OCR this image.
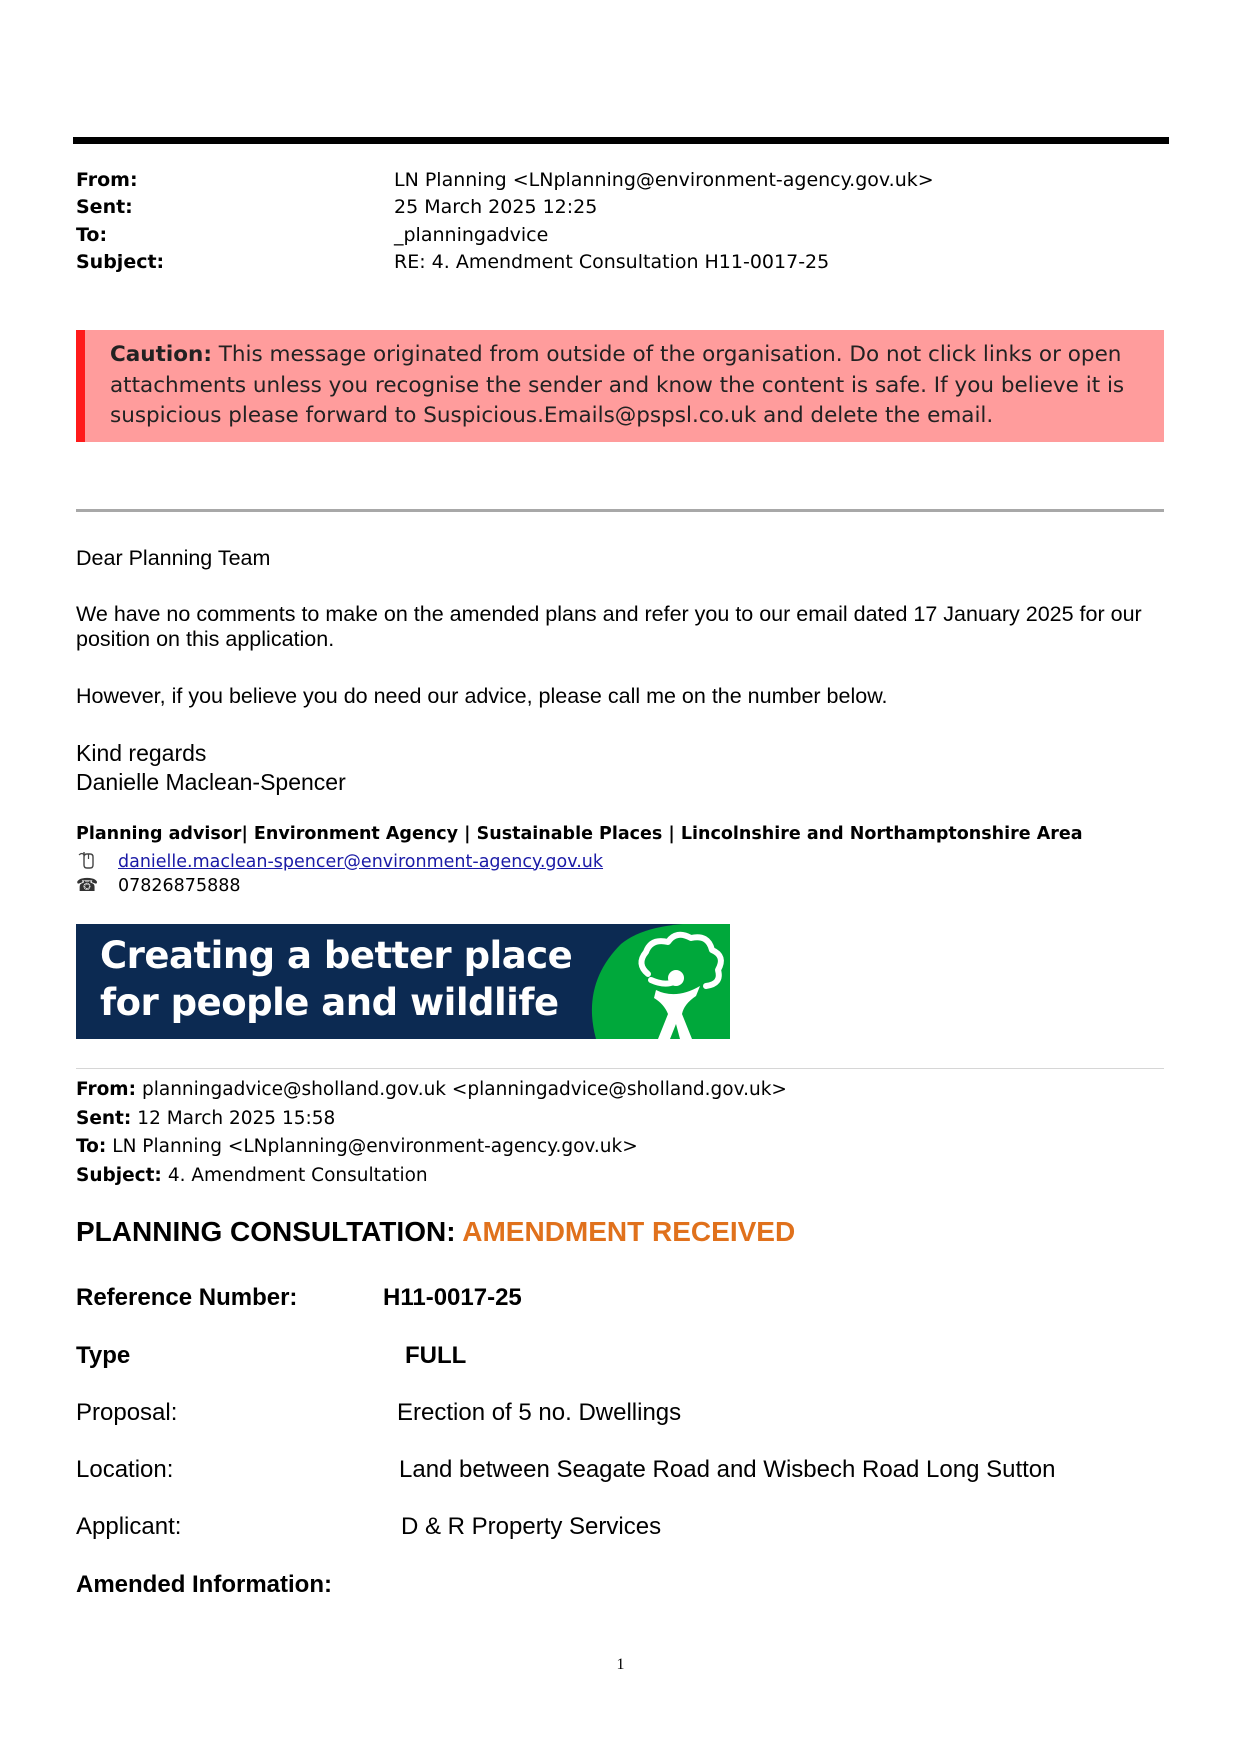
From:	LN Planning <LNplanning@environment-agency.gov.uk>
Sent:	25 March 2025 12:25
To:	_planningadvice
Subject:	RE: 4. Amendment Consultation H11-0017-25
Caution: This message originated from outside of the organisation. Do not click links or open attachments unless you recognise the sender and know the content is safe. If you believe it is suspicious please forward to Suspicious.Emails@pspsl.co.uk and delete the email.
Dear Planning Team
We have no comments to make on the amended plans and refer you to our email dated 17 January 2025 for our position on this application.
However, if you believe you do need our advice, please call me on the number below.
Kind regards
Danielle Maclean-Spencer
Planning advisor| Environment Agency | Sustainable Places | Lincolnshire and Northamptonshire Area
danielle.maclean-spencer@environment-agency.gov.uk
☎	07826875888
Creating a better place
for people and wildlife
From: planningadvice@sholland.gov.uk <planningadvice@sholland.gov.uk>
Sent: 12 March 2025 15:58
To: LN Planning <LNplanning@environment-agency.gov.uk>
Subject: 4. Amendment Consultation
PLANNING CONSULTATION: AMENDMENT RECEIVED
Reference Number:	H11-0017-25
Type	FULL
Proposal:	Erection of 5 no. Dwellings
Location:	Land between Seagate Road and Wisbech Road Long Sutton
Applicant:	D & R Property Services
Amended Information:
1
